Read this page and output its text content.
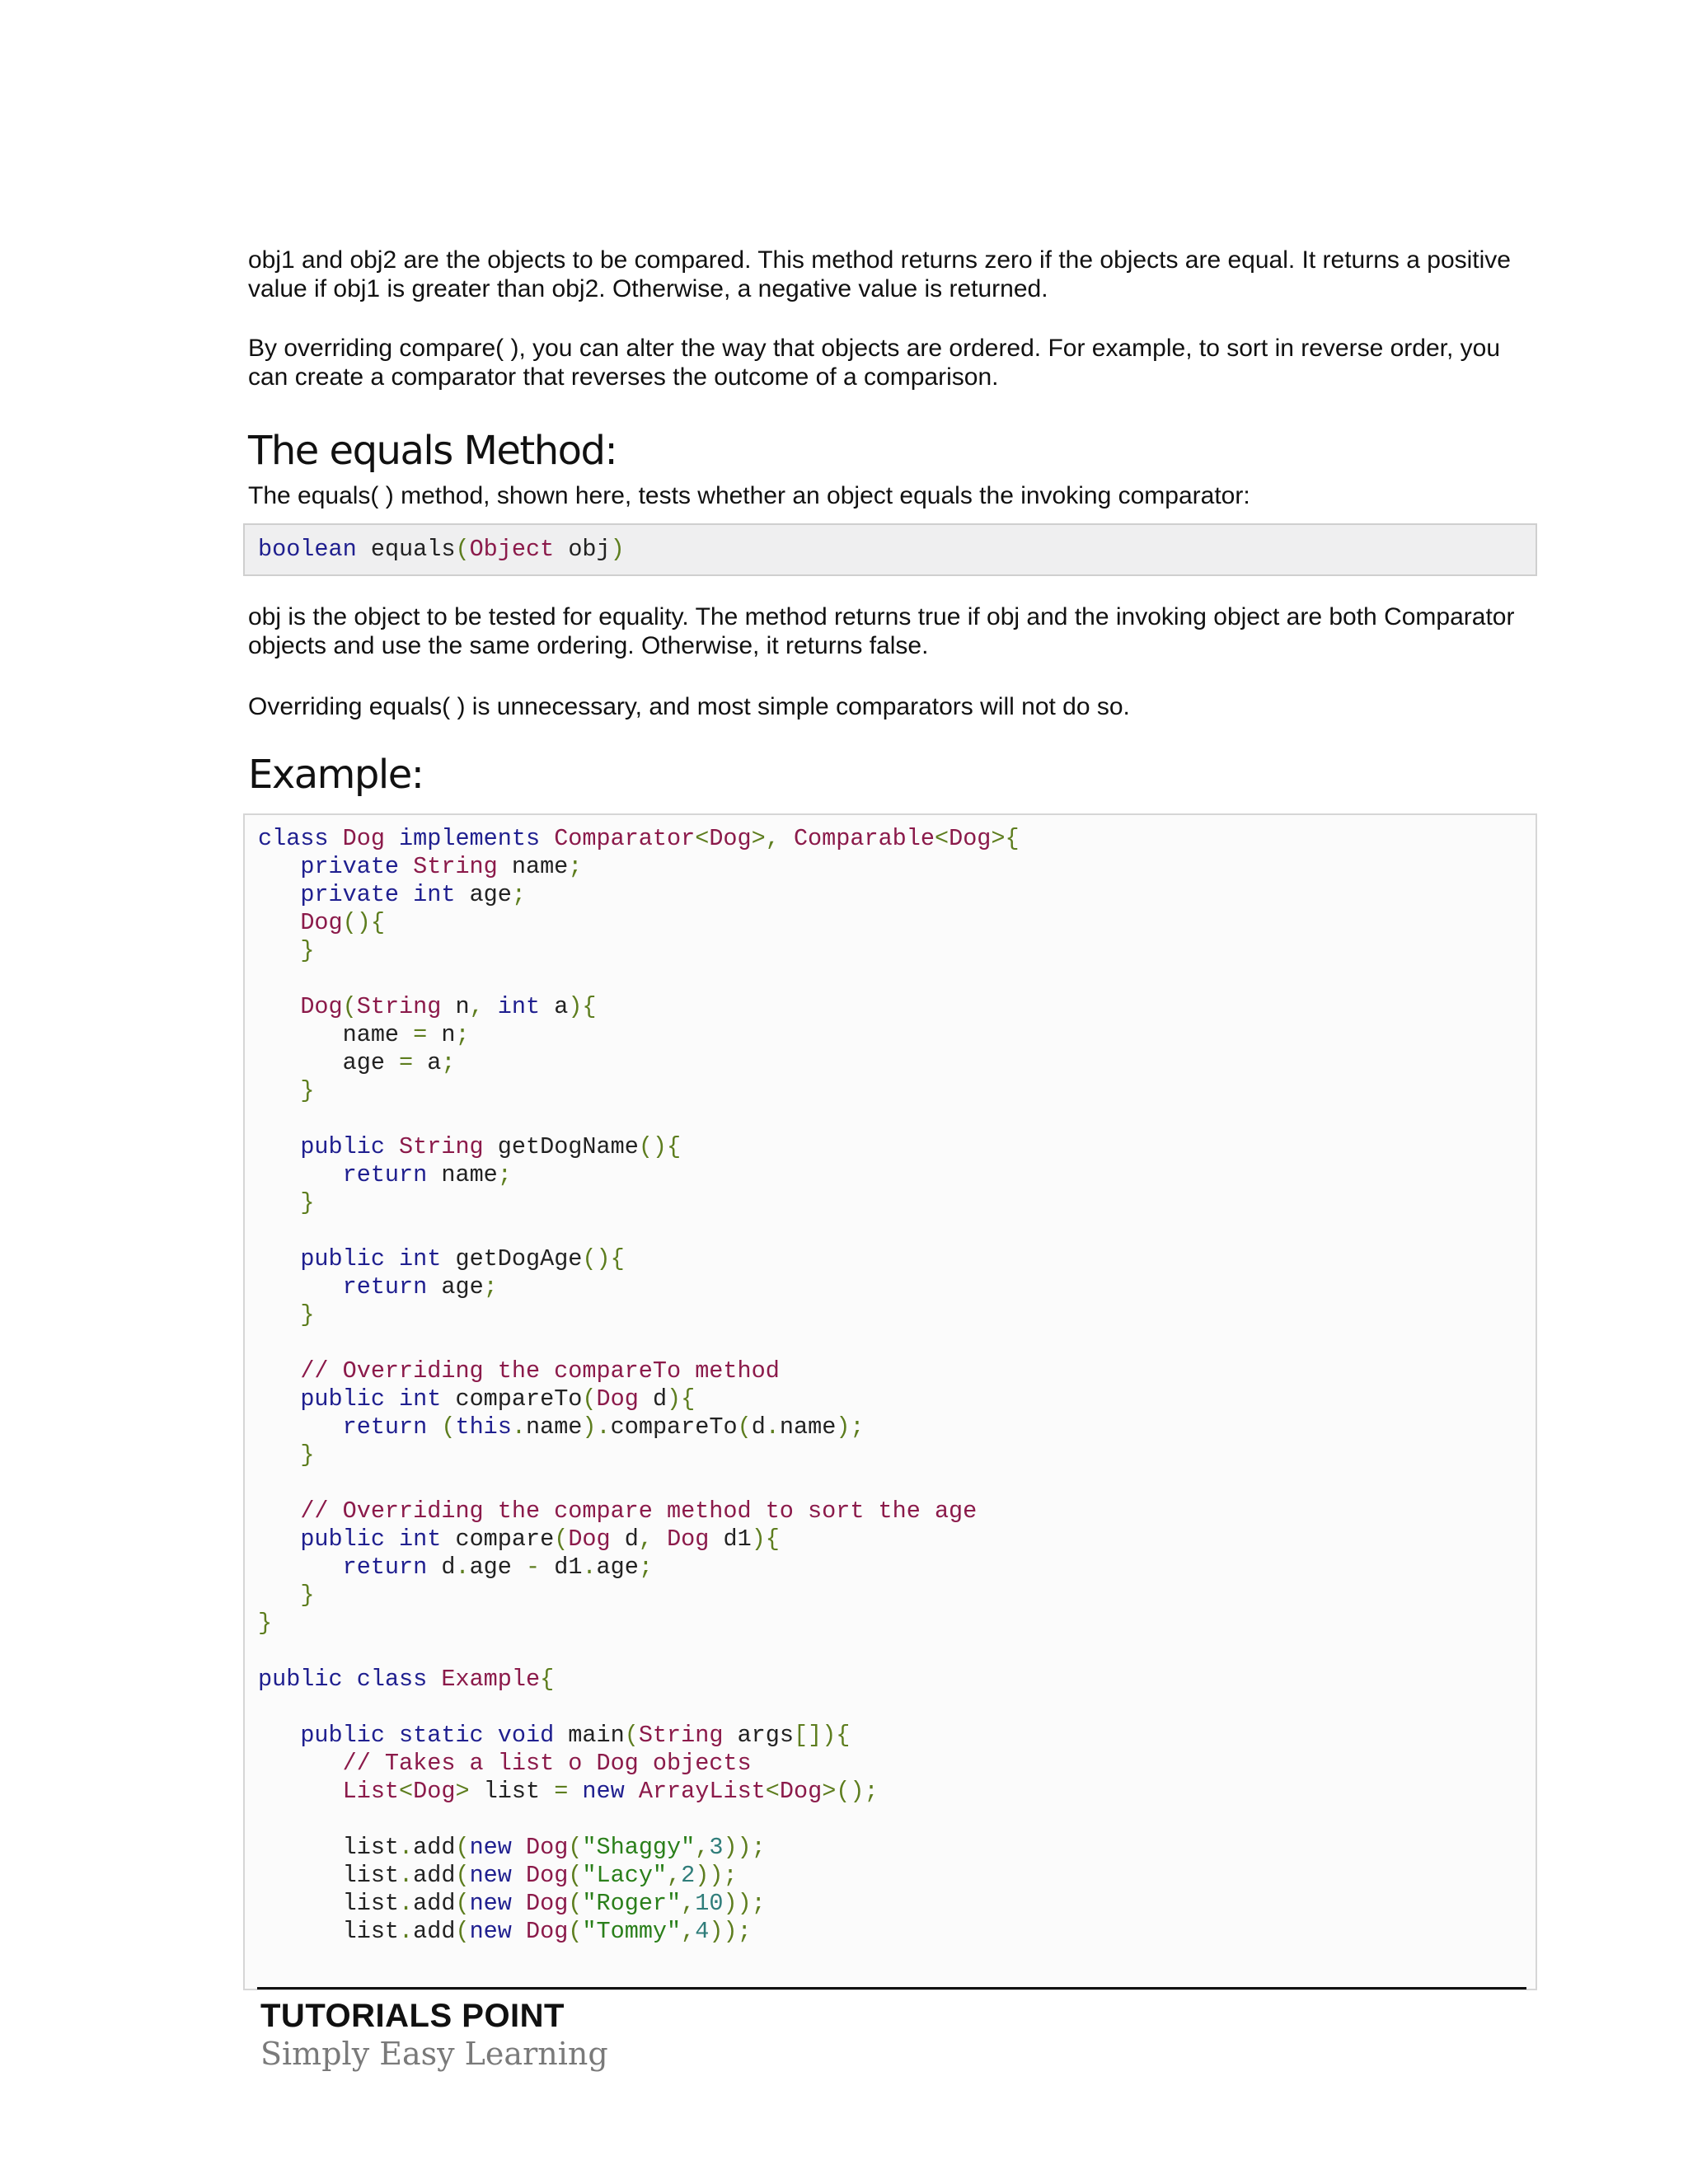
obj1 and obj2 are the objects to be compared. This method returns zero if the objects are equal. It returns a positive value if obj1 is greater than obj2. Otherwise, a negative value is returned.

By overriding compare( ), you can alter the way that objects are ordered. For example, to sort in reverse order, you can create a comparator that reverses the outcome of a comparison.

The equals Method:

The equals( ) method, shown here, tests whether an object equals the invoking comparator:

boolean equals(Object obj)

obj is the object to be tested for equality. The method returns true if obj and the invoking object are both Comparator objects and use the same ordering. Otherwise, it returns false.

Overriding equals( ) is unnecessary, and most simple comparators will not do so.

Example:
class Dog implements Comparator<Dog>, Comparable<Dog>{
private String name;
private int age;
Dog(){
}
Dog(String n, int a){
name = n;
age = a;
}
public String getDogName(){
return name;
}
public int getDogAge(){
return age;
}
// Overriding the compareTo method
public int compareTo(Dog d){
return (this.name).compareTo(d.name);
}
// Overriding the compare method to sort the age
public int compare(Dog d, Dog d1){
return d.age - d1.age;
}
}
public class Example{
public static void main(String args[]){
// Takes a list o Dog objects
List<Dog> list = new ArrayList<Dog>();
list.add(new Dog("Shaggy",3));
list.add(new Dog("Lacy",2));
list.add(new Dog("Roger",10));
list.add(new Dog("Tommy",4));
TUTORIALS POINT
Simply Easy Learning
